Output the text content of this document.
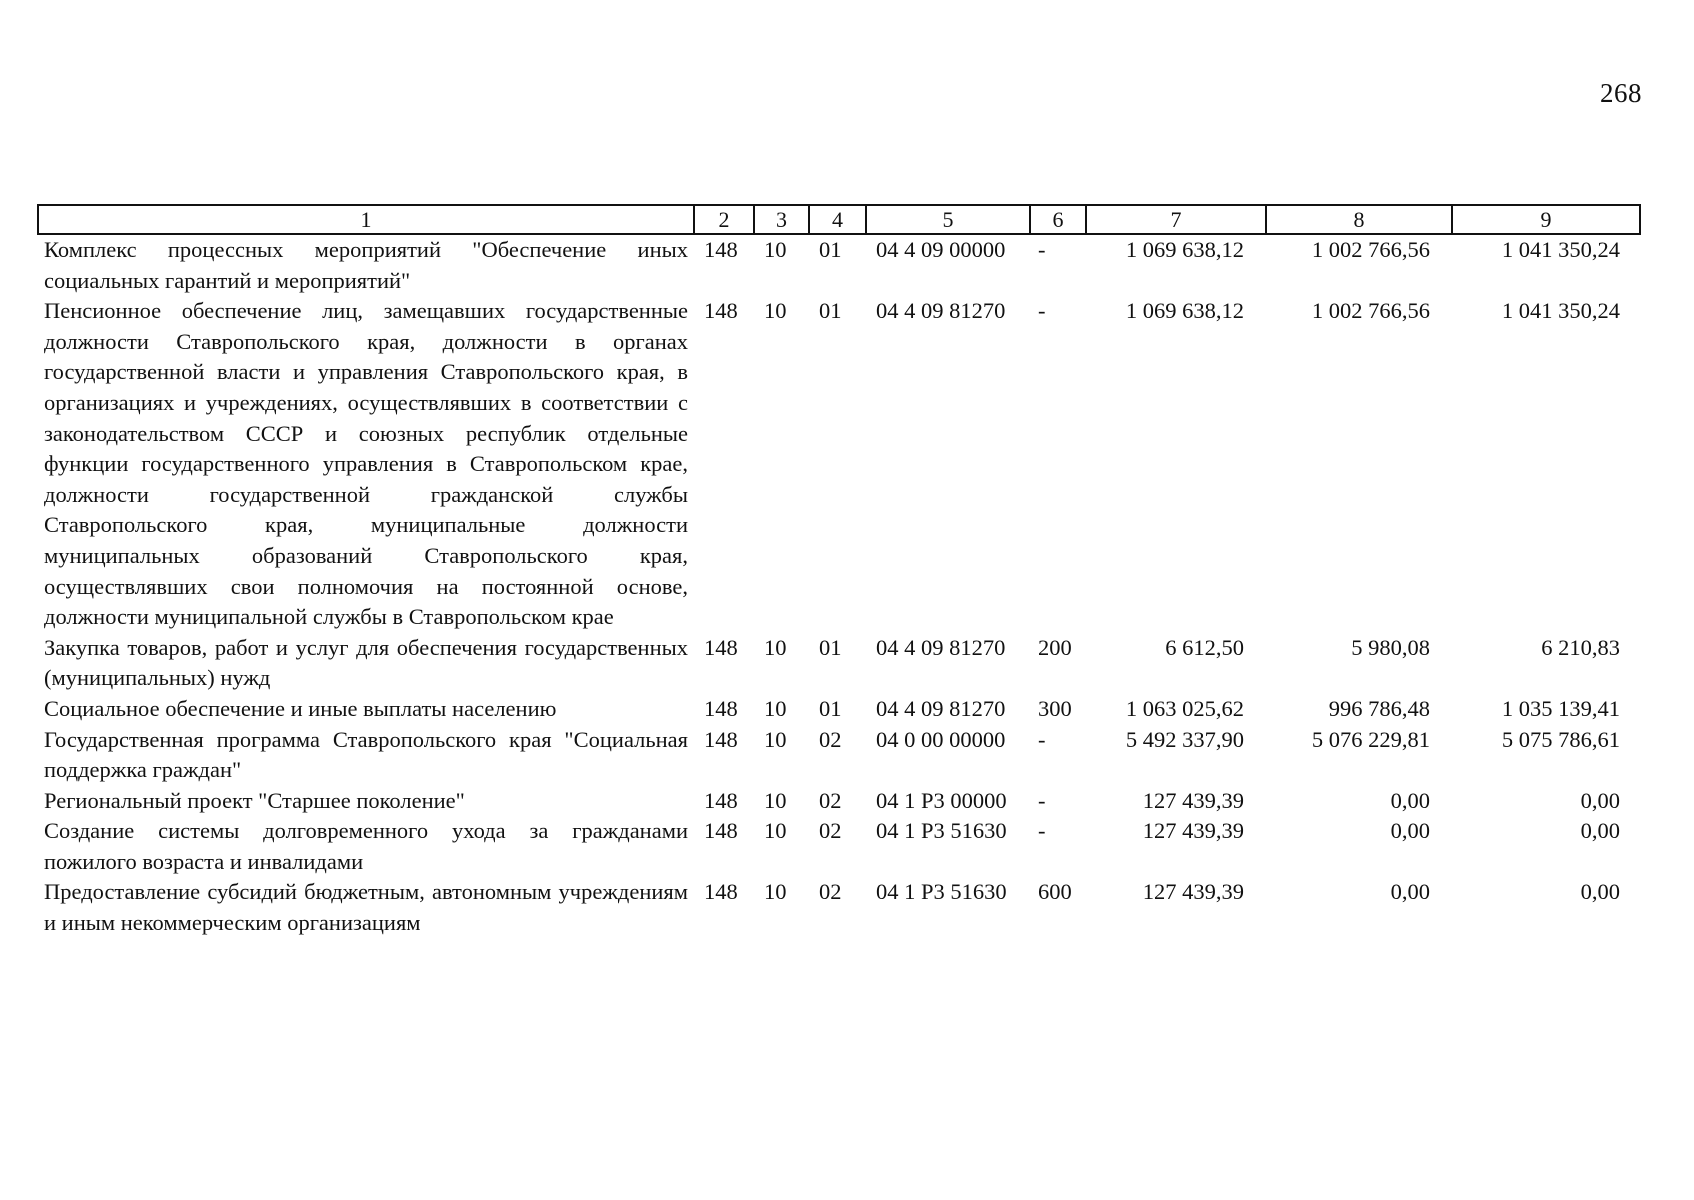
268
1	2	3	4	5	6	7	8	9
Комплекс процессных мероприятий "Обеспечение иных социальных гарантий и мероприятий"	148	10	01	04 4 09 00000	-	1 069 638,12	1 002 766,56	1 041 350,24
Пенсионное обеспечение лиц, замещавших государственные должности Ставропольского края, должности в органах государственной власти и управления Ставропольского края, в организациях и учреждениях, осуществлявших в соответствии с законодательством СССР и союзных республик отдельные функции государственного управления в Ставропольском крае, должности государственной гражданской службы Ставропольского края, муниципальные должности муниципальных образований Ставропольского края, осуществлявших свои полномочия на постоянной основе, должности муниципальной службы в Ставропольском крае	148	10	01	04 4 09 81270	-	1 069 638,12	1 002 766,56	1 041 350,24
Закупка товаров, работ и услуг для обеспечения государственных (муниципальных) нужд	148	10	01	04 4 09 81270	200	6 612,50	5 980,08	6 210,83
Социальное обеспечение и иные выплаты населению	148	10	01	04 4 09 81270	300	1 063 025,62	996 786,48	1 035 139,41
Государственная программа Ставропольского края "Социальная поддержка граждан"	148	10	02	04 0 00 00000	-	5 492 337,90	5 076 229,81	5 075 786,61
Региональный проект "Старшее поколение"	148	10	02	04 1 Р3 00000	-	127 439,39	0,00	0,00
Создание системы долговременного ухода за гражданами пожилого возраста и инвалидами	148	10	02	04 1 Р3 51630	-	127 439,39	0,00	0,00
Предоставление субсидий бюджетным, автономным учреждениям и иным некоммерческим организациям	148	10	02	04 1 Р3 51630	600	127 439,39	0,00	0,00
